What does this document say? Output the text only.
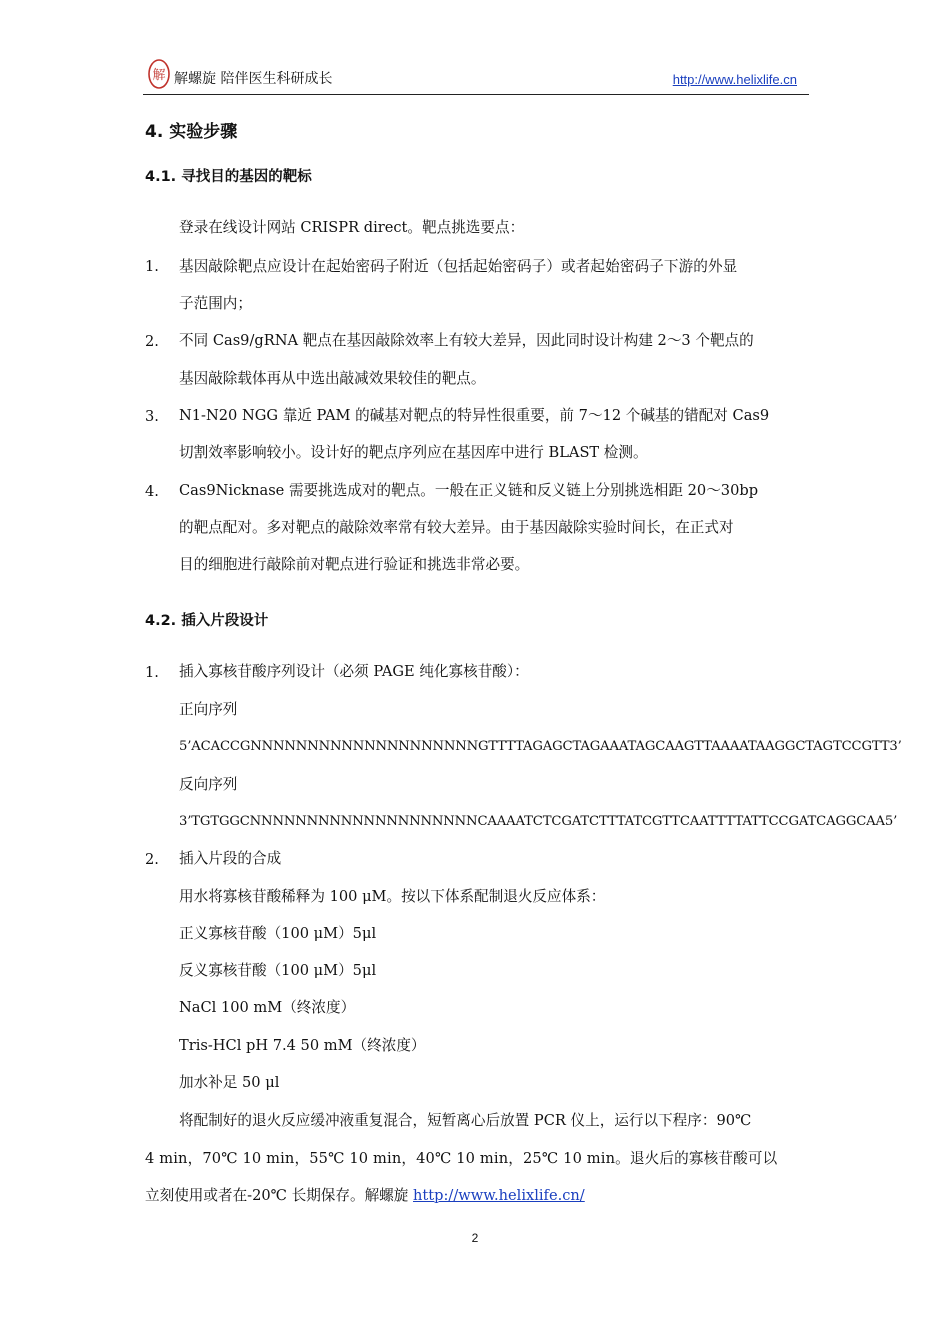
解 解螺旋 陪伴医生科研成长	http://www.helixlife.cn
4. 实验步骤
4.1. 寻找目的基因的靶标
登录在线设计网站 CRISPR direct。靶点挑选要点：
1. 基因敲除靶点应设计在起始密码子附近（包括起始密码子）或者起始密码子下游的外显
子范围内；
2. 不同 Cas9/gRNA 靶点在基因敲除效率上有较大差异，因此同时设计构建 2～3 个靶点的
基因敲除载体再从中选出敲减效果较佳的靶点。
3. N1-N20 NGG 靠近 PAM 的碱基对靶点的特异性很重要，前 7～12 个碱基的错配对 Cas9
切割效率影响较小。设计好的靶点序列应在基因库中进行 BLAST 检测。
4. Cas9Nicknase 需要挑选成对的靶点。一般在正义链和反义链上分别挑选相距 20～30bp
的靶点配对。多对靶点的敲除效率常有较大差异。由于基因敲除实验时间长，在正式对
目的细胞进行敲除前对靶点进行验证和挑选非常必要。
4.2. 插入片段设计
1. 插入寡核苷酸序列设计（必须 PAGE 纯化寡核苷酸）：
正向序列
5’ACACCGNNNNNNNNNNNNNNNNNNNNGTTTTAGAGCTAGAAATAGCAAGTTAAAATAAGGCTAGTCCGTT3’
反向序列
3’TGTGGCNNNNNNNNNNNNNNNNNNNNCAAAATCTCGATCTTTATCGTTCAATTTTATTCCGATCAGGCAA5’
2. 插入片段的合成
用水将寡核苷酸稀释为 100 μM。按以下体系配制退火反应体系：
正义寡核苷酸（100 μM）5μl
反义寡核苷酸（100 μM）5μl
NaCl 100 mM（终浓度）
Tris‐HCl pH 7.4 50 mM（终浓度）
加水补足 50 μl
将配制好的退火反应缓冲液重复混合，短暂离心后放置 PCR 仪上，运行以下程序：90℃
4 min，70℃ 10 min，55℃ 10 min，40℃ 10 min，25℃ 10 min。退火后的寡核苷酸可以
立刻使用或者在‐20℃ 长期保存。解螺旋 http://www.helixlife.cn/
2
